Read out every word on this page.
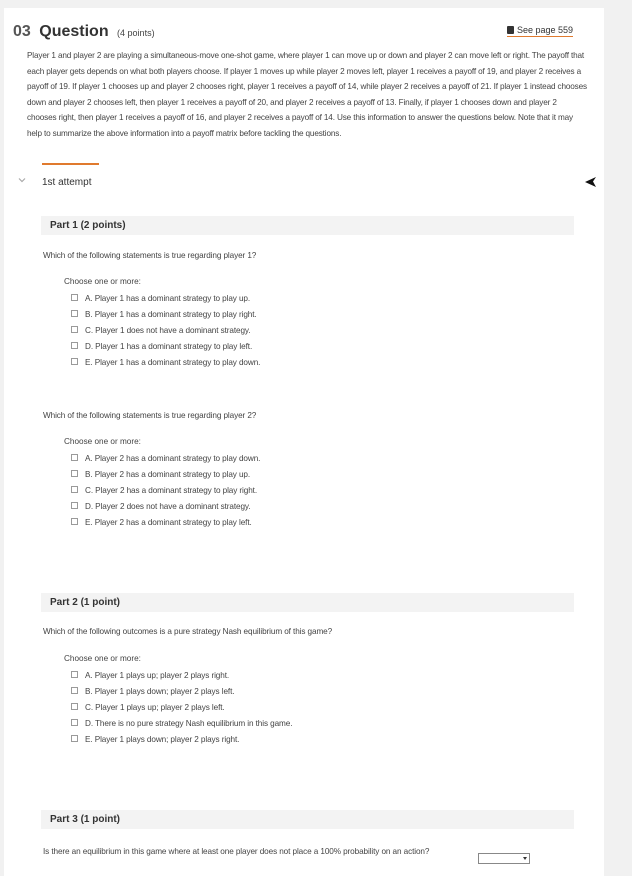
03 Question (4 points)	See page 559
Player 1 and player 2 are playing a simultaneous-move one-shot game, where player 1 can move up or down and player 2 can move left or right. The payoff that each player gets depends on what both players choose. If player 1 moves up while player 2 moves left, player 1 receives a payoff of 19, and player 2 receives a payoff of 19. If player 1 chooses up and player 2 chooses right, player 1 receives a payoff of 14, while player 2 receives a payoff of 21. If player 1 instead chooses down and player 2 chooses left, then player 1 receives a payoff of 20, and player 2 receives a payoff of 13. Finally, if player 1 chooses down and player 2 chooses right, then player 1 receives a payoff of 16, and player 2 receives a payoff of 14. Use this information to answer the questions below. Note that it may help to summarize the above information into a payoff matrix before tackling the questions.
1st attempt
Part 1 (2 points)
Which of the following statements is true regarding player 1?
Choose one or more:
A. Player 1 has a dominant strategy to play up.
B. Player 1 has a dominant strategy to play right.
C. Player 1 does not have a dominant strategy.
D. Player 1 has a dominant strategy to play left.
E. Player 1 has a dominant strategy to play down.
Which of the following statements is true regarding player 2?
Choose one or more:
A. Player 2 has a dominant strategy to play down.
B. Player 2 has a dominant strategy to play up.
C. Player 2 has a dominant strategy to play right.
D. Player 2 does not have a dominant strategy.
E. Player 2 has a dominant strategy to play left.
Part 2 (1 point)
Which of the following outcomes is a pure strategy Nash equilibrium of this game?
Choose one or more:
A. Player 1 plays up; player 2 plays right.
B. Player 1 plays down; player 2 plays left.
C. Player 1 plays up; player 2 plays left.
D. There is no pure strategy Nash equilibrium in this game.
E. Player 1 plays down; player 2 plays right.
Part 3 (1 point)
Is there an equilibrium in this game where at least one player does not place a 100% probability on an action?
